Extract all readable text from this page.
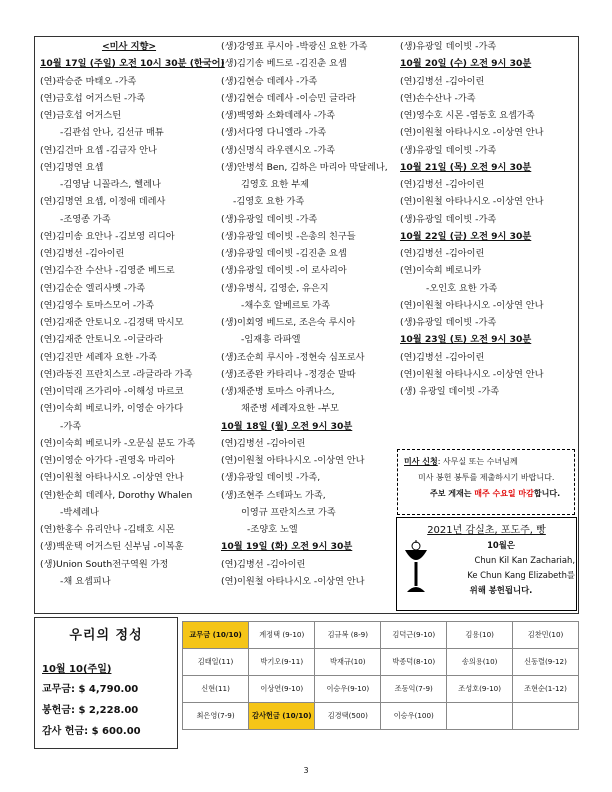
<미사 지향>
10월 17일 (주일) 오전 10시 30분 (한국어)
(연)곽승준 마태오 -가족
(연)금호섭 어거스틴 -가족
(연)금호섭 어거스틴
-김관섭 안나, 김선규 매튜
(연)김건마 요셉 -김금자 안나
(연)김명연 요셉
-김영남 니꼴라스, 헬레나
(연)김명연 요셉, 이정애 데레사
-조영종 가족
(연)김미송 요안나 -김보영 리디아
(연)김병선 -김아이린
(연)김수잔 수산나 -김영준 베드로
(연)김순순 엘리사벳 -가족
(연)김영수 토마스모어 -가족
(연)김재준 안토니오 -김경택 막시모
(연)김재준 안토니오 -이글라라
(연)김진만 세례자 요한 -가족
(연)라동진 프란치스코 -라글라라 가족
(연)이덕래 즈가리아 -이해성 마르코
(연)이숙희 베로니카, 이영순 아가다
-가족
(연)이숙희 베로니카 -오문실 분도 가족
(연)이영순 아가다 -권영옥 마리아
(연)이원철 아타나시오 -이상연 안나
(연)한순희 데레사, Dorothy Whalen
-박세레나
(연)한홍수 유리안나 -김태호 시몬
(생)백운택 어거스틴 신부님 -이복훈
(생)Union South전구역원 가정
-채 요셉피나
(생)강영표 루시아 -박광신 요한 가족
(생)김기송 베드로 -김진춘 요셉
(생)김현승 데레사 -가족
(생)김현승 데레사 -이승민 글라라
(생)백영화 소화데레사 -가족
(생)서다영 다니엘라 -가족
(생)신명식 라우렌시오 -가족
(생)안병석 Ben, 김하은 마리아 막달레나,
김영호 요한 부제
-김영호 요한 가족
(생)유광일 데이빗 -가족
(생)유광일 데이빗 -은총의 친구들
(생)유광일 데이빗 -김진춘 요셉
(생)유광일 데이빗 -이 로사리아
(생)유병식, 김영순, 유은지
-채수호 알베르토 가족
(생)이회영 베드로, 조은숙 루시아
-임재흥 라파엘
(생)조순희 루시아 -정현숙 심포로사
(생)조종완 카타리나 -정경순 말따
(생)채준병 토마스 아퀴나스,
채준병 세례자요한 -부모
10월 18일 (월) 오전 9시 30분
(연)김병선 -김아이린
(연)이원철 아타나시오 -이상연 안나
(생)유광일 데이빗 -가족,
(생)조현주 스테파노 가족,
이영규 프란치스코 가족
-조양호 노엘
10월 19일 (화) 오전 9시 30분
(연)김병선 -김아이린
(연)이원철 아타나시오 -이상연 안나
(생)유광일 데이빗 -가족
10월 20일 (수) 오전 9시 30분
(연)김병선 -김아이린
(연)손수산나 -가족
(연)영수호 시몬 -염동호 요셉가족
(연)이원철 아타나시오 -이상연 안나
(생)유광일 데이빗 -가족
10월 21일 (목) 오전 9시 30분
(연)김병선 -김아이린
(연)이원철 아타나시오 -이상연 안나
(생)유광일 데이빗 -가족
10월 22일 (금) 오전 9시 30분
(연)김병선 -김아이린
(연)이숙희 베로니카
-오인호 요한 가족
(연)이원철 아타나시오 -이상연 안나
(생)유광일 데이빗 -가족
10월 23일 (토) 오전 9시 30분
(연)김병선 -김아이린
(연)이원철 아타나시오 -이상연 안나
(생) 유광일 데이빗 -가족
미사 신청: 사무실 또는 수녀님께
미사 봉헌 봉투를 제출하시기 바랍니다.
주보 게재는 매주 수요일 마감합니다.
2021년 감실초, 포도주, 빵
10월은
Chun Kil Kan Zachariah,
Ke Chun Kang Elizabeth를
위해 봉헌됩니다.
우리의 정성
10월 10(주일)
교무금: $ 4,790.00
봉헌금: $ 2,228.00
감사 헌금: $ 600.00
교무금 (10/10)	계정택 (9-10)	김규복 (8-9)	김덕근(9-10)	김용(10)	김찬민(10)
김태일(11)	박기오(9-11)	박재규(10)	박종덕(8-10)	송의용(10)	신동렬(9-12)
신현(11)	이상연(9-10)	이승우(9-10)	조동익(7-9)	조성호(9-10)	조현순(1-12)
최은영(7-9)	감사헌금 (10/10)	김경택(500)	이승우(100)		
3
